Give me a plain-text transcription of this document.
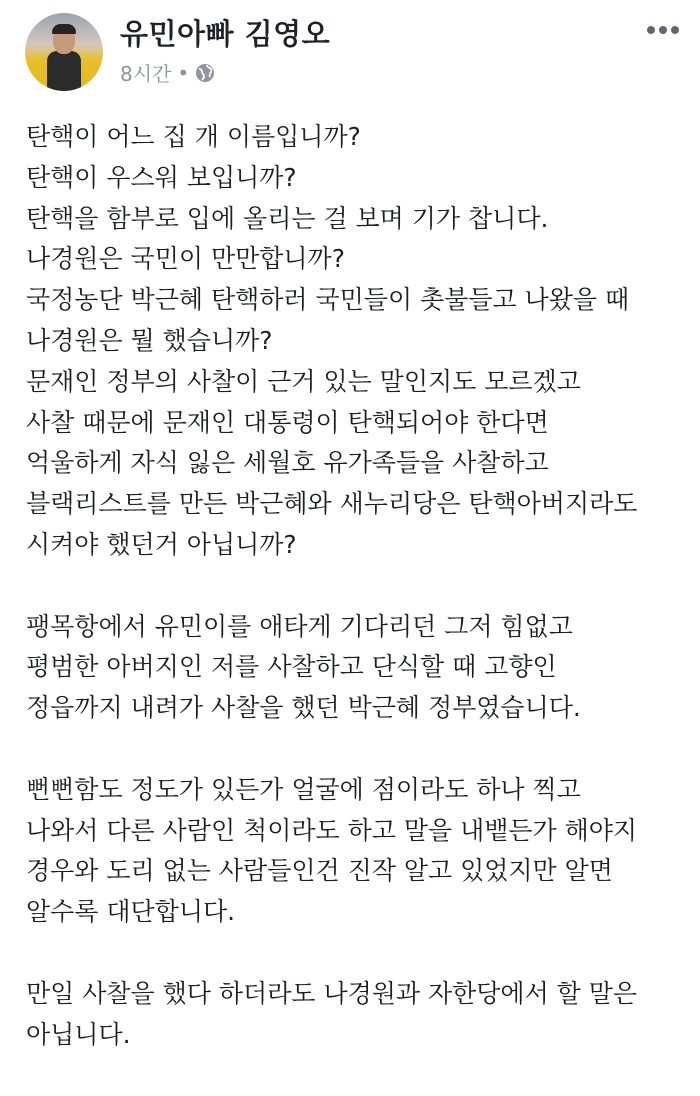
유민아빠 김영오
8시간 •
탄핵이 어느 집 개 이름입니까?
탄핵이 우스워 보입니까?
탄핵을 함부로 입에 올리는 걸 보며 기가 찹니다.
나경원은 국민이 만만합니까?
국정농단 박근혜 탄핵하러 국민들이 촛불들고 나왔을 때
나경원은 뭘 했습니까?
문재인 정부의 사찰이 근거 있는 말인지도 모르겠고
사찰 때문에 문재인 대통령이 탄핵되어야 한다면
억울하게 자식 잃은 세월호 유가족들을 사찰하고
블랙리스트를 만든 박근혜와 새누리당은 탄핵아버지라도
시켜야 했던거 아닙니까?
팽목항에서 유민이를 애타게 기다리던 그저 힘없고
평범한 아버지인 저를 사찰하고 단식할 때 고향인
정읍까지 내려가 사찰을 했던 박근혜 정부였습니다.
뻔뻔함도 정도가 있든가 얼굴에 점이라도 하나 찍고
나와서 다른 사람인 척이라도 하고 말을 내뱉든가 해야지
경우와 도리 없는 사람들인건 진작 알고 있었지만 알면
알수록 대단합니다.
만일 사찰을 했다 하더라도 나경원과 자한당에서 할 말은
아닙니다.
